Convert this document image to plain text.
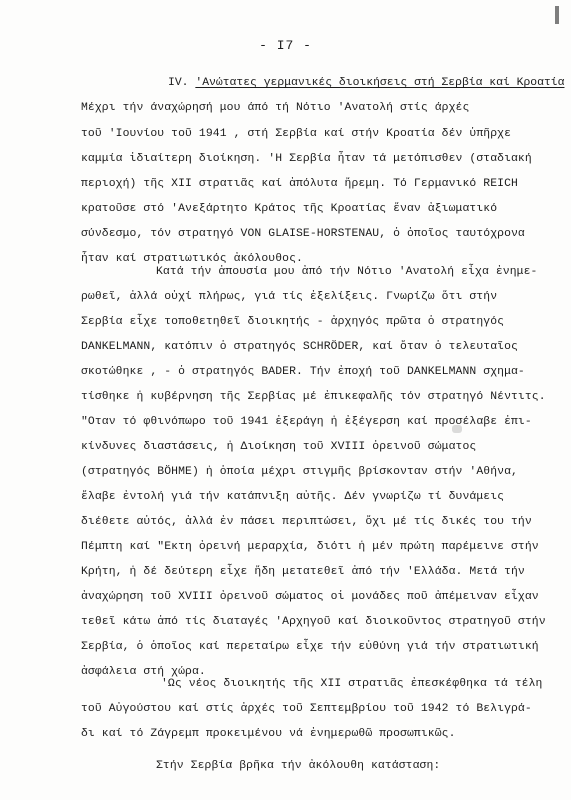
- I7 -
IV. 'Ανώτατες γερμανικές διοικήσεις στή Σερβία καί Κροατία
Μέχρι τήν άναχώρησή μου άπό τή Νότιο 'Ανατολή στίς άρχές
τοῦ 'Ιουνίου τοῦ 1941 , στή Σερβία καί στήν Κροατία δέν ὑπῆρχε
καμμία ἰδιαίτερη διοίκηση. 'Η Σερβία ἦταν τά μετόπισθεν (σταδιακή
περιοχή) τῆς XII στρατιᾶς καί ἀπόλυτα ἤρεμη. Τό Γερμανικό REICH
κρατοῦσε στό 'Ανεξάρτητο Κράτος τῆς Κροατίας ἕναν ἀξιωματικό
σύνδεσμο, τόν στρατηγό VON GLAISE-HORSTENAU, ὁ ὁποῖος ταυτόχρονα
ἦταν καί στρατιωτικός ἀκόλουθος.
Κατά τήν ἀπουσία μου ἀπό τήν Νότιο 'Ανατολή εἶχα ἐνημε-
ρωθεῖ, ἀλλά οὐχί πλήρως, γιά τίς ἐξελίξεις. Γνωρίζω ὅτι στήν
Σερβία εἶχε τοποθετηθεῖ διοικητής - ἀρχηγός πρῶτα ὁ στρατηγός
DANKELMANN, κατόπιν ὁ στρατηγός SCHRÖDER, καί ὅταν ὁ τελευταῖος
σκοτώθηκε , - ὁ στρατηγός BADER. Τήν ἐποχή τοῦ DANKELMANN σχημα-
τίσθηκε ἡ κυβέρνηση τῆς Σερβίας μέ ἐπικεφαλῆς τόν στρατηγό Νέντιτς.
"Οταν τό φθινόπωρο τοῦ 1941 ἐξεράγη ἡ ἐξέγερση καί προσέλαβε ἐπι-
κίνδυνες διαστάσεις, ἡ Διοίκηση τοῦ XVIII ὀρεινοῦ σώματος
(στρατηγός BÖHME) ἡ ὁποία μέχρι στιγμῆς βρίσκονταν στήν 'Αθήνα,
ἔλαβε ἐντολή γιά τήν κατάπνιξη αὐτῆς. Δέν γνωρίζω τί δυνάμεις
διέθετε αὐτός, ἀλλά ἐν πάσει περιπτώσει, ὄχι μέ τίς δικές του τήν
Πέμπτη καί "Εκτη ὀρεινή μεραρχία, διότι ἡ μέν πρώτη παρέμεινε στήν
Κρήτη, ἡ δέ δεύτερη εἶχε ἤδη μετατεθεῖ ἀπό τήν 'Ελλάδα. Μετά τήν
ἀναχώρηση τοῦ XVIII ὀρεινοῦ σώματος οἱ μονάδες ποῦ ἀπέμειναν εἶχαν
τεθεῖ κάτω ἀπό τίς διαταγές 'Αρχηγοῦ καί διοικοῦντος στρατηγοῦ στήν
Σερβία, ὁ ὁποῖος καί περεταίρω εἶχε τήν εὐθύνη γιά τήν στρατιωτική
ἀσφάλεια στή χώρα.
'Ως νέος διοικητής τῆς XII στρατιᾶς ἐπεσκέφθηκα τά τέλη
τοῦ Αὐγούστου καί στίς ἀρχές τοῦ Σεπτεμβρίου τοῦ 1942 τό Βελιγρά-
δι καί τό Ζάγρεμπ προκειμένου νά ἐνημερωθῶ προσωπικῶς.
Στήν Σερβία βρῆκα τήν ἀκόλουθη κατάσταση:
